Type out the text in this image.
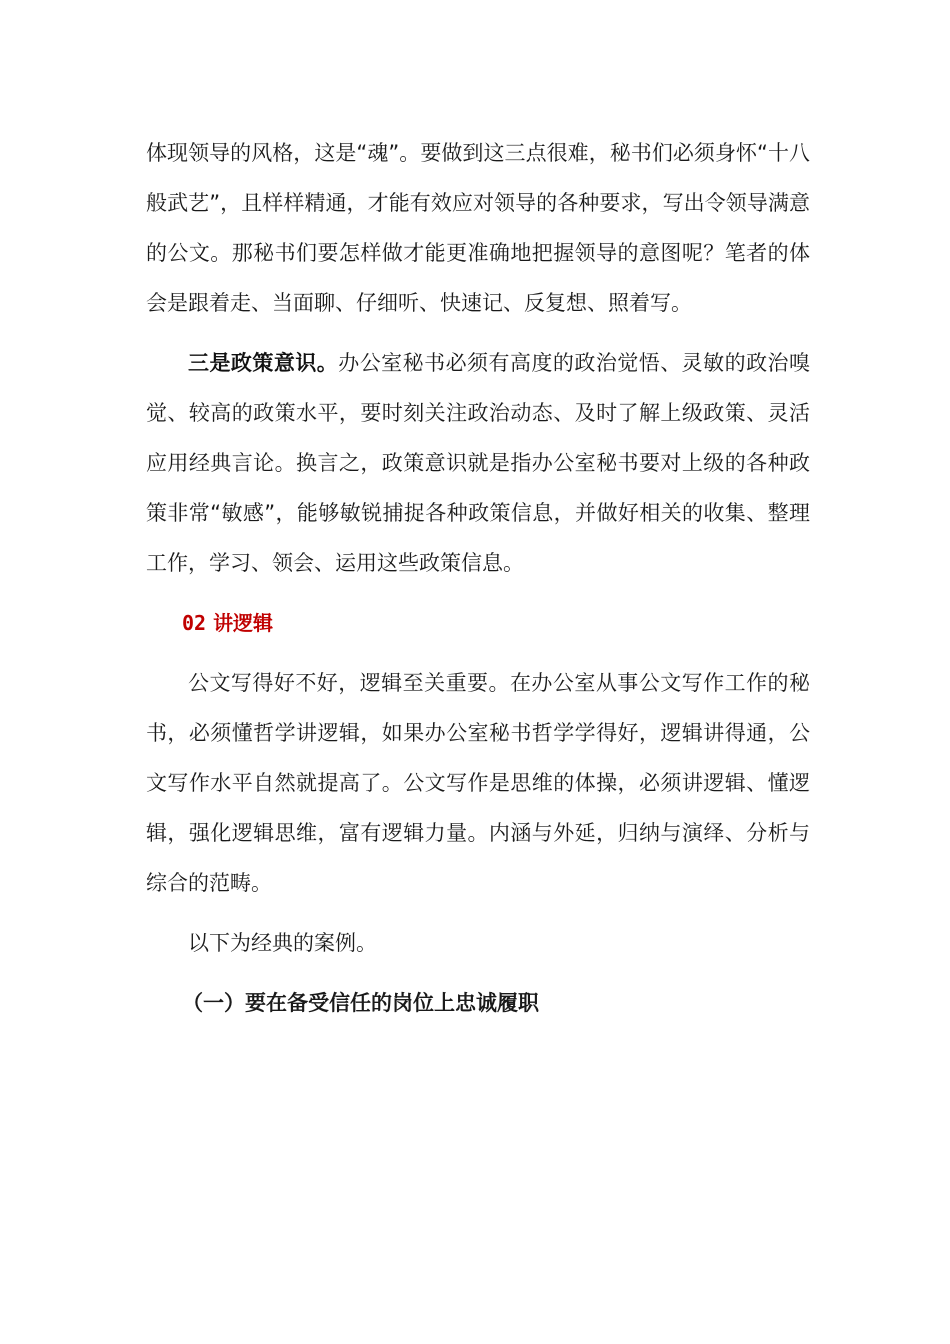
体现领导的风格，这是“魂”。要做到这三点很难，秘书们必须身怀“十八般武艺”，且样样精通，才能有效应对领导的各种要求，写出令领导满意的公文。那秘书们要怎样做才能更准确地把握领导的意图呢？笔者的体会是跟着走、当面聊、仔细听、快速记、反复想、照着写。

三是政策意识。办公室秘书必须有高度的政治觉悟、灵敏的政治嗅觉、较高的政策水平，要时刻关注政治动态、及时了解上级政策、灵活应用经典言论。换言之，政策意识就是指办公室秘书要对上级的各种政策非常“敏感”，能够敏锐捕捉各种政策信息，并做好相关的收集、整理工作，学习、领会、运用这些政策信息。

02 讲逻辑

公文写得好不好，逻辑至关重要。在办公室从事公文写作工作的秘书，必须懂哲学讲逻辑，如果办公室秘书哲学学得好，逻辑讲得通，公文写作水平自然就提高了。公文写作是思维的体操，必须讲逻辑、懂逻辑，强化逻辑思维，富有逻辑力量。内涵与外延，归纳与演绎、分析与综合的范畴。

以下为经典的案例。

（一）要在备受信任的岗位上忠诚履职
